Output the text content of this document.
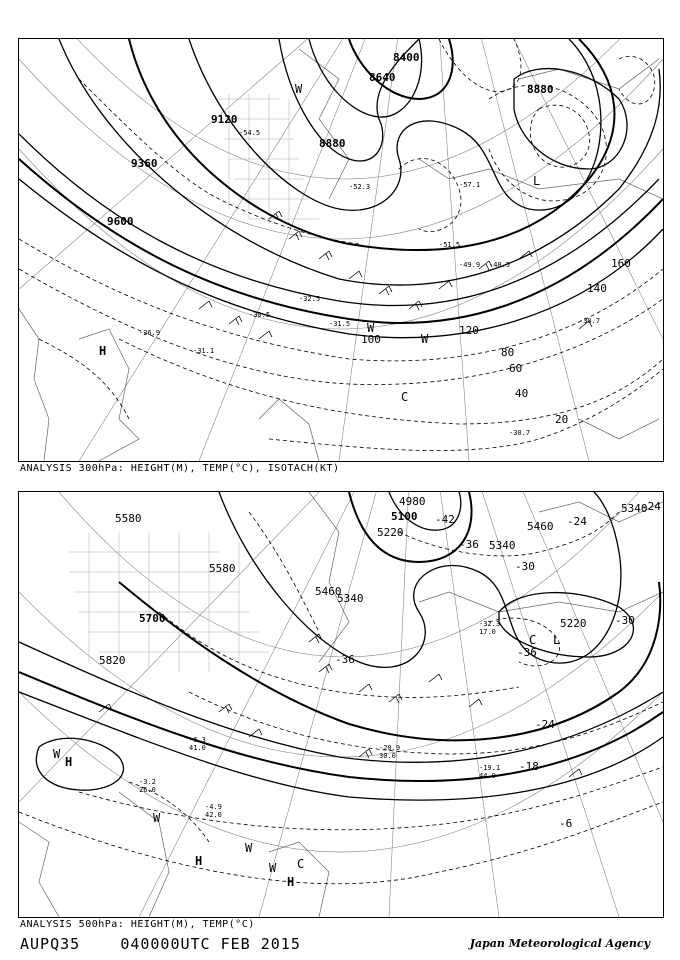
9120
9360
9600
8880
8400
8640
8880
20
40
60
80
100
120
140
160
H
L
C
W
W
W
-31.1
-30.7
-30.7
-51.5
-57.1
-52.3
-49.9 -48.5
-54.5
-32.5
-31.5
-26.9
-30.5
ANALYSIS 300hPa: HEIGHT(M), TEMP(°C), ISOTACH(KT)
5580
5580
5700
5820
5460
5340
5220
5100
4980
5340
5460
5340
5220
-42
-36
-36
-30
-24
-24
-18
-6
-36
-24
-30
H
H
H
L
C
C
W
W
W
W
-19.1
44.0
-20.9
30.0
-3.2
26.0
-4.9
42.0
-6.3
41.0
-32.3
17.0
ANALYSIS 500hPa: HEIGHT(M), TEMP(°C)
AUPQ35	040000UTC FEB 2015	Japan Meteorological Agency
